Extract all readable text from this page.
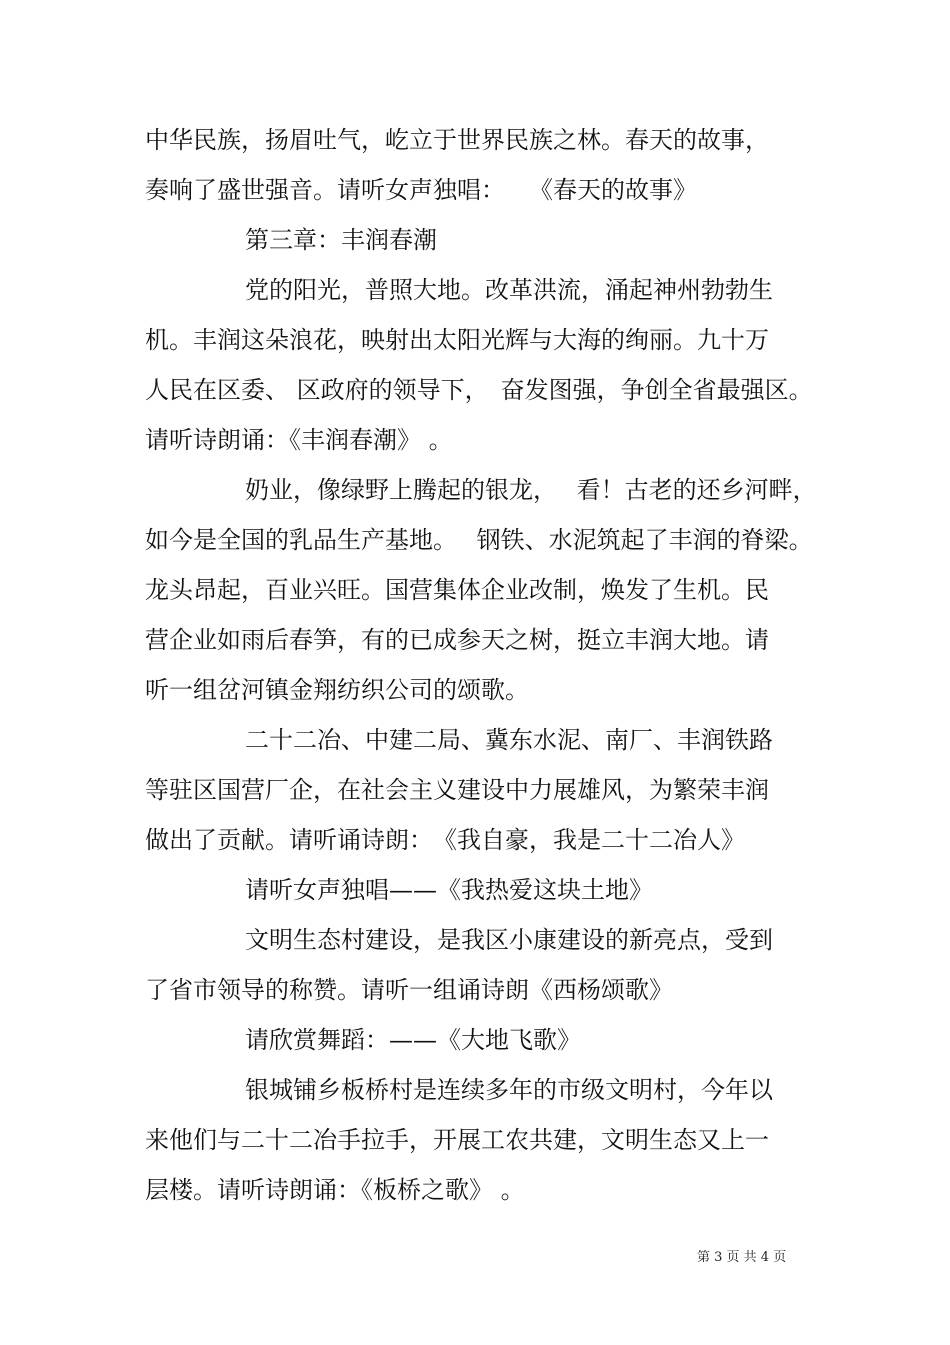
中华民族，扬眉吐气，屹立于世界民族之林。春天的故事，
奏响了盛世强音。请听女声独唱：　　《春天的故事》
第三章：丰润春潮
党的阳光，普照大地。改革洪流，涌起神州勃勃生
机。丰润这朵浪花，映射出太阳光辉与大海的绚丽。九十万
人民在区委、 区政府的领导下，　奋发图强，争创全省最强区。
请听诗朗诵：《丰润春潮》 。
奶业，像绿野上腾起的银龙，　 看！古老的还乡河畔，
如今是全国的乳品生产基地。　 钢铁、水泥筑起了丰润的脊梁。
龙头昂起，百业兴旺。国营集体企业改制，焕发了生机。民
营企业如雨后春笋，有的已成参天之树，挺立丰润大地。请
听一组岔河镇金翔纺织公司的颂歌。
二十二冶、中建二局、冀东水泥、南厂、丰润铁路
等驻区国营厂企，在社会主义建设中力展雄风，为繁荣丰润
做出了贡献。请听诵诗朗：　《我自豪，我是二十二冶人》
请听女声独唱——《我热爱这块土地》
文明生态村建设，是我区小康建设的新亮点，受到
了省市领导的称赞。请听一组诵诗朗《西杨颂歌》
请欣赏舞蹈：——《大地飞歌》
银城铺乡板桥村是连续多年的市级文明村，今年以
来他们与二十二冶手拉手，开展工农共建，文明生态又上一
层楼。请听诗朗诵：《板桥之歌》 。
第 3 页 共 4 页
